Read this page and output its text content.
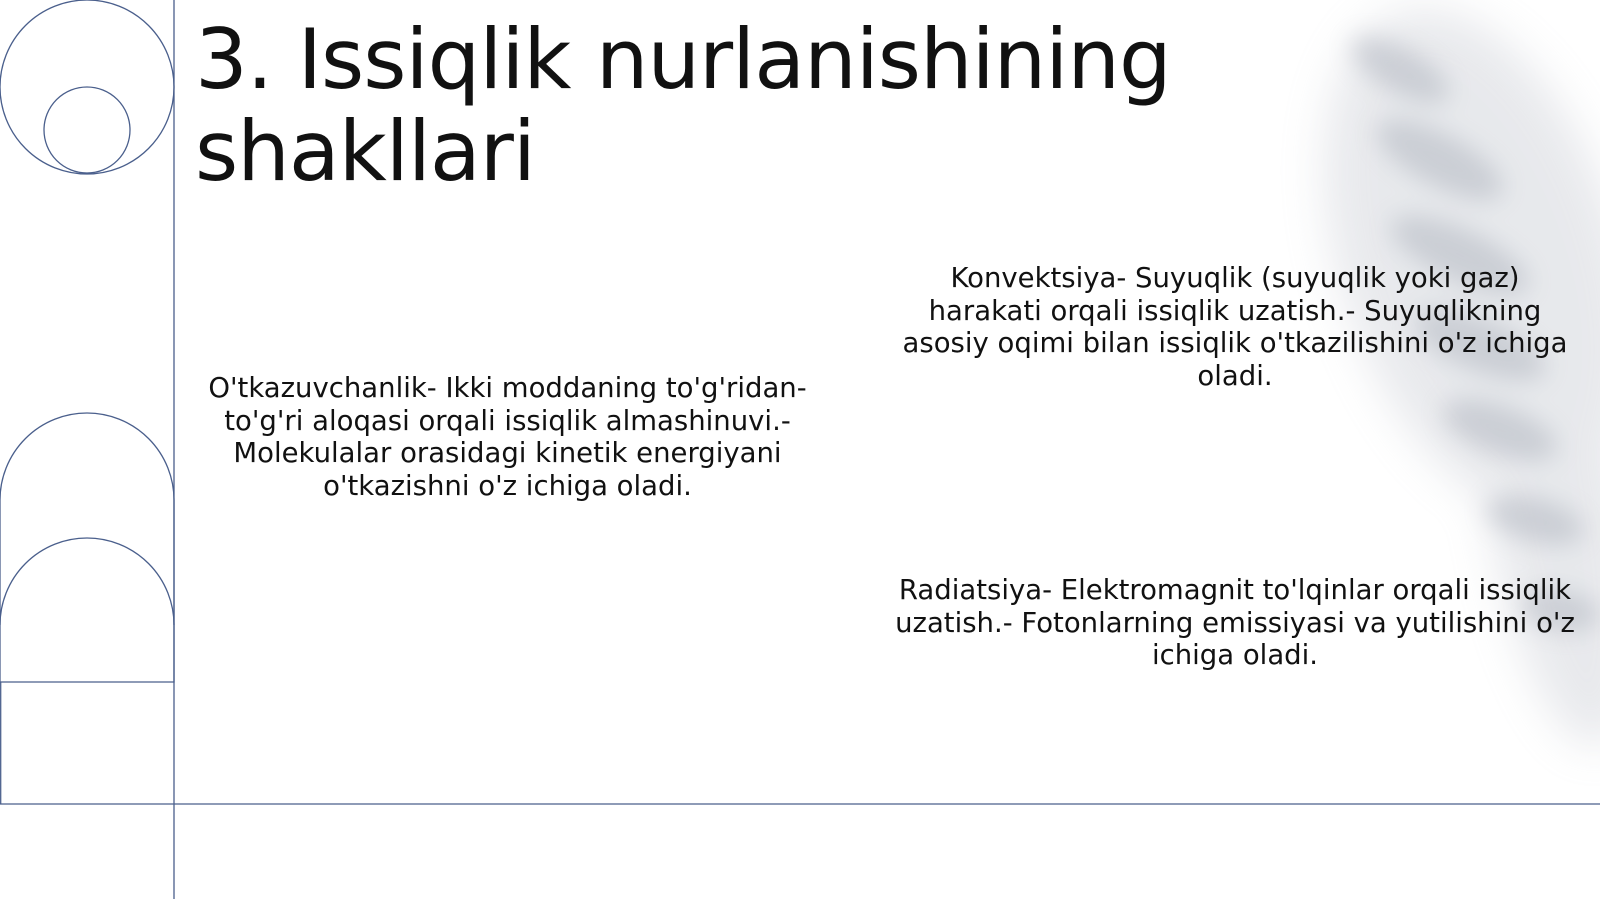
3. Issiqlik nurlanishining shakllari

O'tkazuvchanlik- Ikki moddaning to'g'ridan-to'g'ri aloqasi orqali issiqlik almashinuvi.- Molekulalar orasidagi kinetik energiyani o'tkazishni o'z ichiga oladi.

Konvektsiya- Suyuqlik (suyuqlik yoki gaz) harakati orqali issiqlik uzatish.- Suyuqlikning asosiy oqimi bilan issiqlik o'tkazilishini o'z ichiga oladi.

Radiatsiya- Elektromagnit to'lqinlar orqali issiqlik uzatish.- Fotonlarning emissiyasi va yutilishini o'z ichiga oladi.
